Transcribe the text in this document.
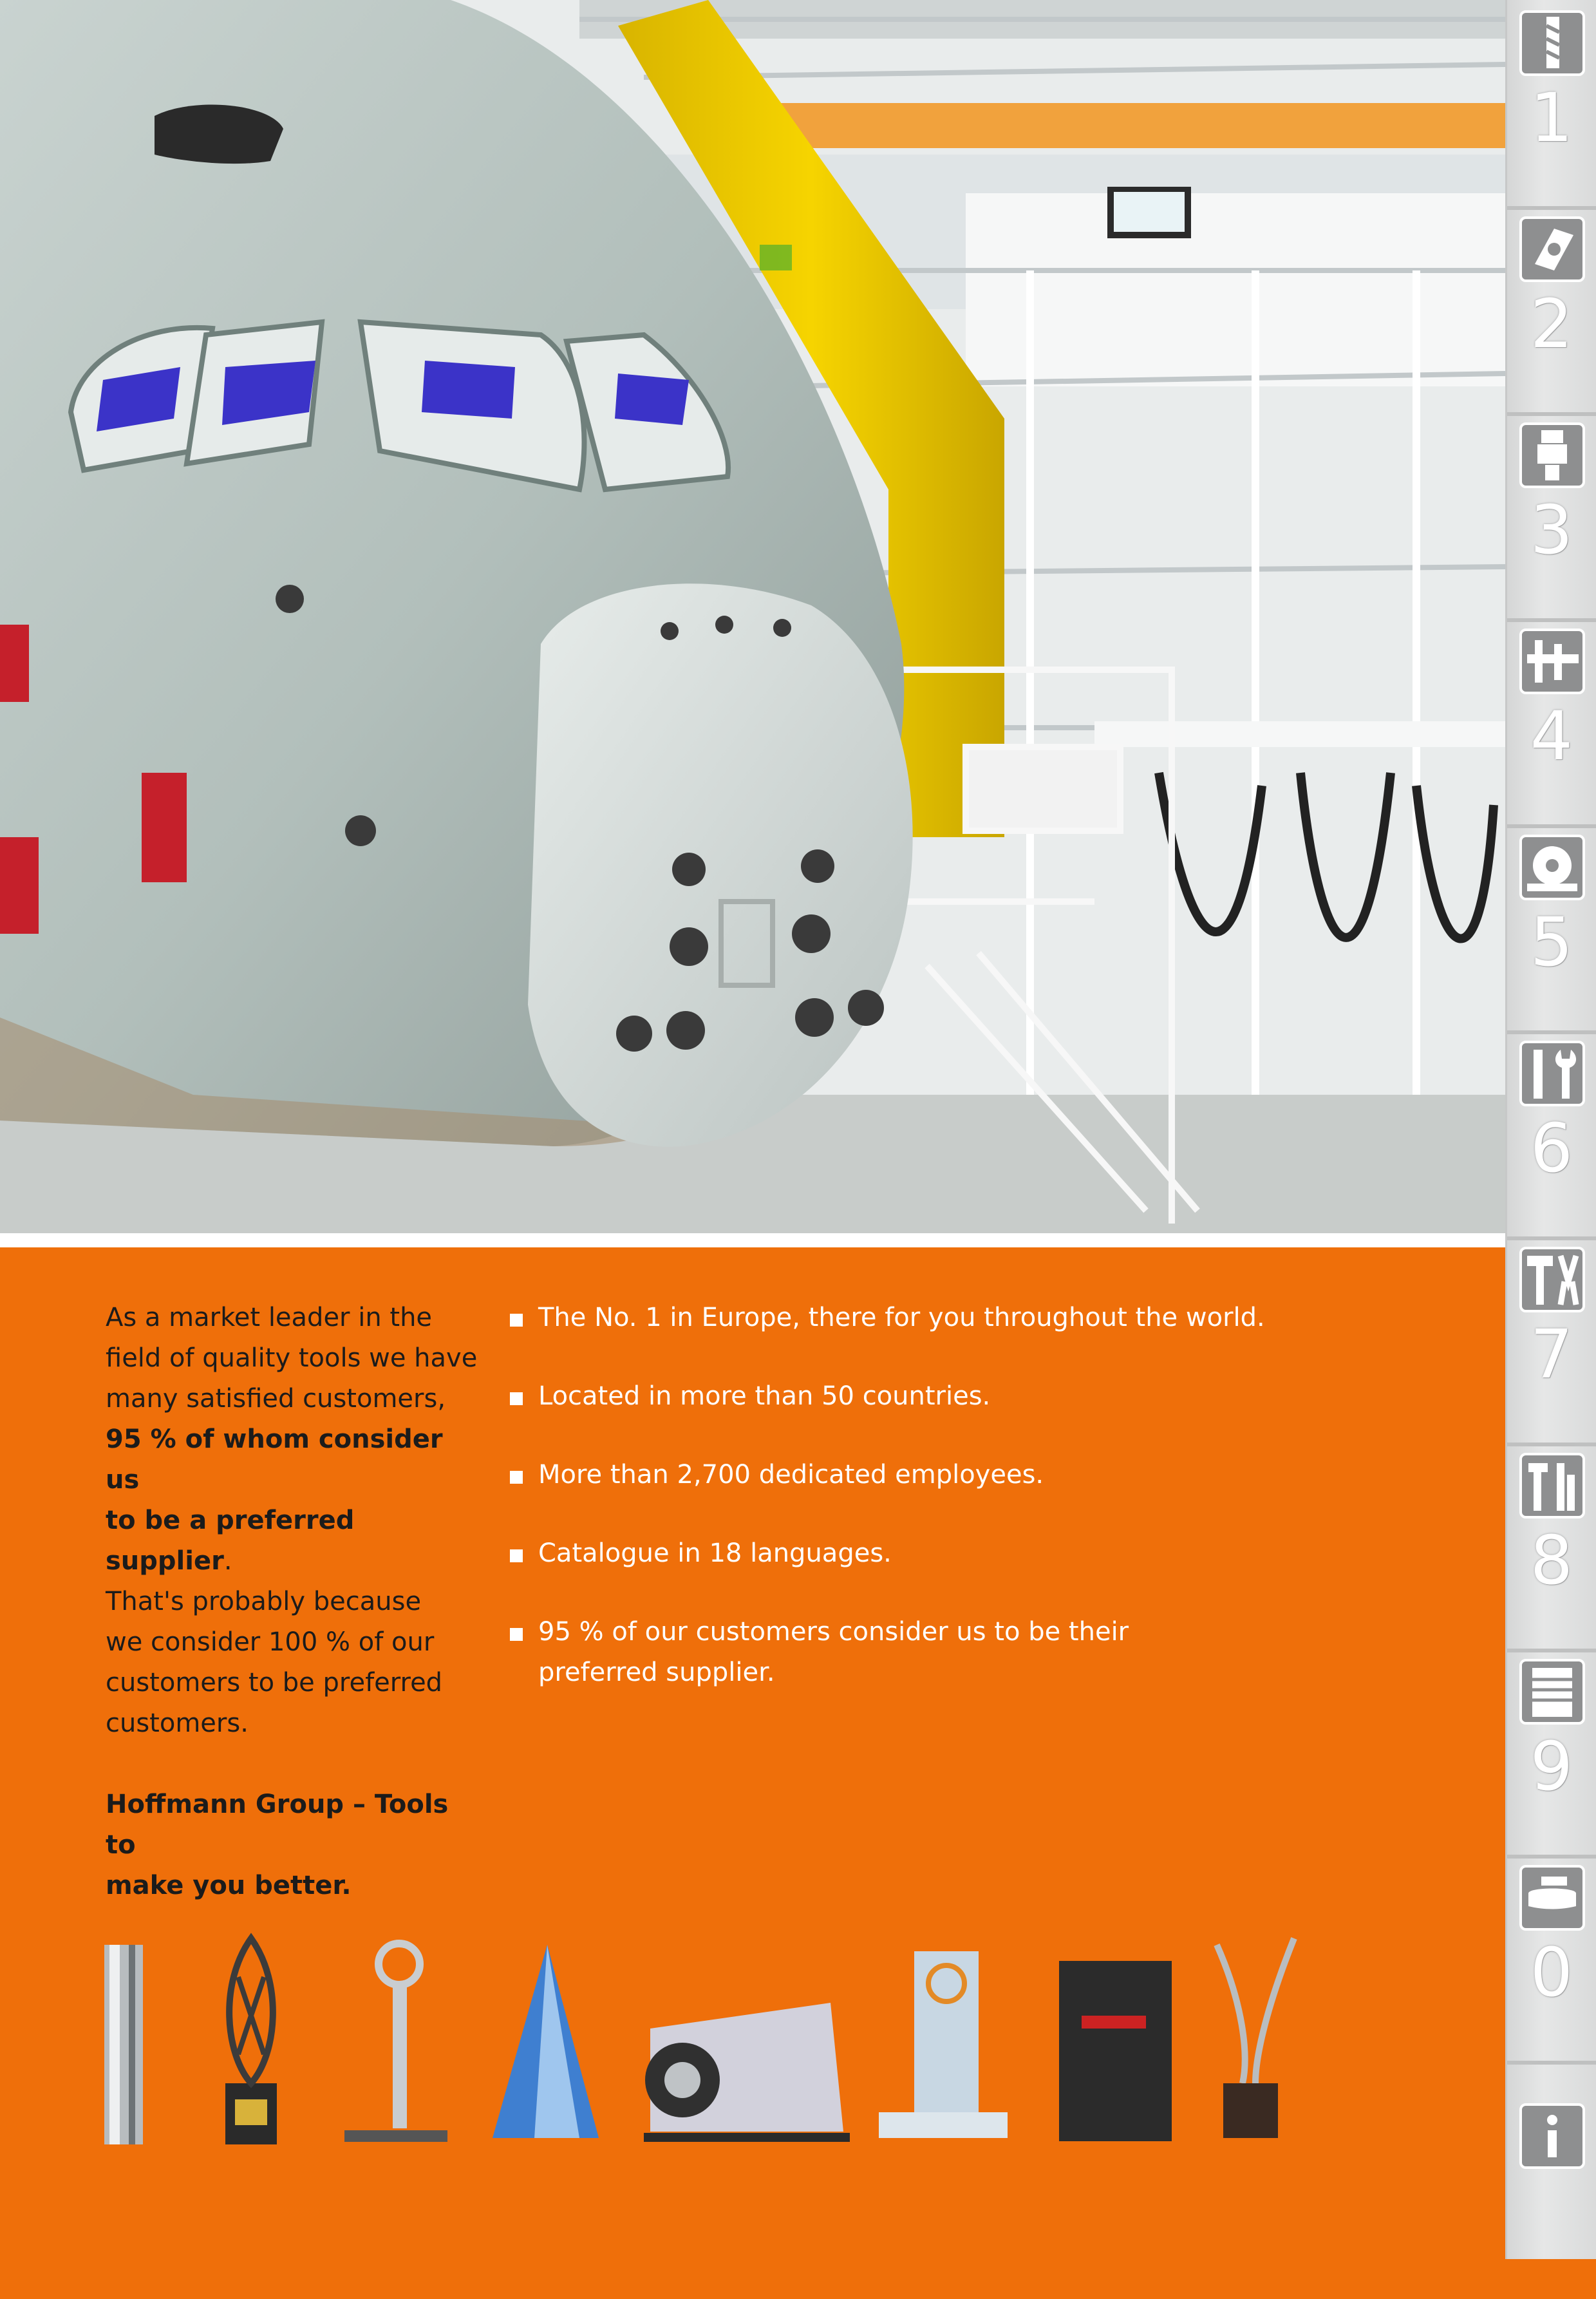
As a market leader in the

field of quality tools we have

many satisfied customers,

95 % of whom consider us

to be a preferred supplier.

That's probably because

we consider 100 % of our

customers to be preferred

customers.

Hoffmann Group – Tools to

make you better.

The No. 1 in Europe, there for you throughout the world.
Located in more than 50 countries.
More than 2,700 dedicated employees.
Catalogue in 18 languages.
95 % of our customers consider us to be their preferred supplier.
1
2
3
4
5
6
7
8
9
0
